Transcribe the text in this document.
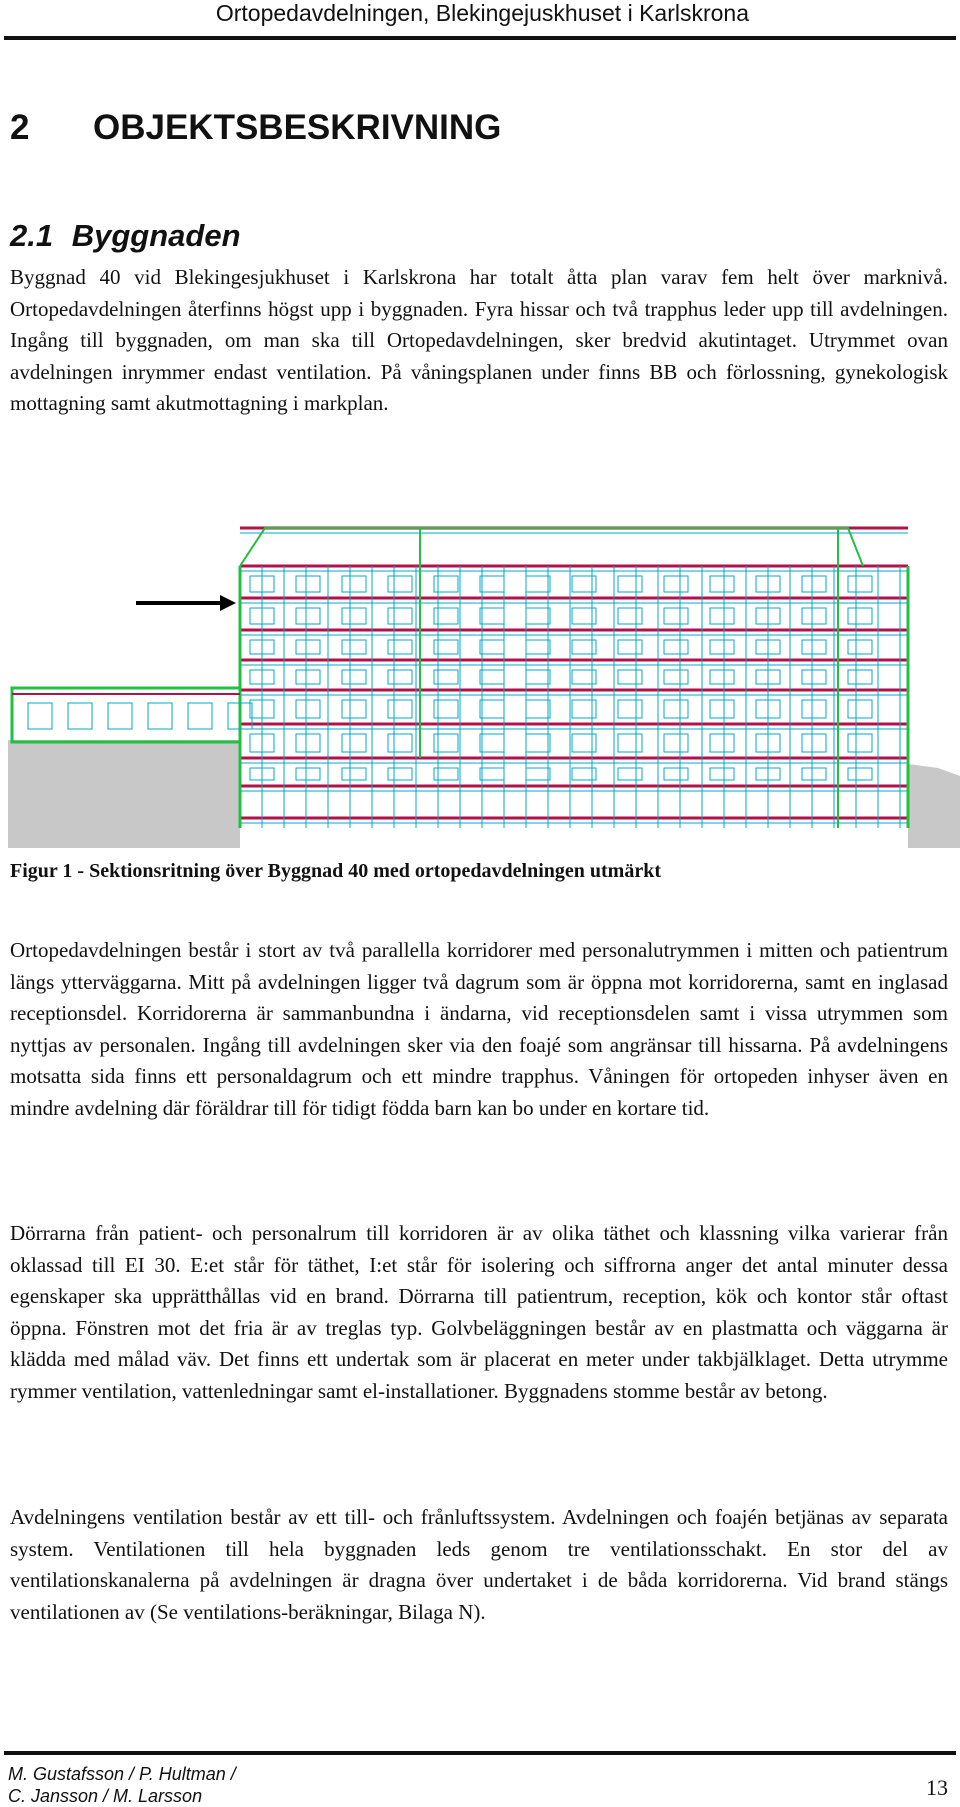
Ortopedavdelningen, Blekingejuskhuset i Karlskrona
2 OBJEKTSBESKRIVNING
2.1 Byggnaden

Byggnad 40 vid Blekingesjukhuset i Karlskrona har totalt åtta plan varav fem helt över marknivå. Ortopedavdelningen återfinns högst upp i byggnaden. Fyra hissar och två trapphus leder upp till avdelningen. Ingång till byggnaden, om man ska till Ortopedavdelningen, sker bredvid akutintaget. Utrymmet ovan avdelningen inrymmer endast ventilation. På våningsplanen under finns BB och förlossning, gynekologisk mottagning samt akutmottagning i markplan.

Figur 1 - Sektionsritning över Byggnad 40 med ortopedavdelningen utmärkt

Ortopedavdelningen består i stort av två parallella korridorer med personalutrymmen i mitten och patientrum längs ytterväggarna. Mitt på avdelningen ligger två dagrum som är öppna mot korridorerna, samt en inglasad receptionsdel. Korridorerna är sammanbundna i ändarna, vid receptionsdelen samt i vissa utrymmen som nyttjas av personalen. Ingång till avdelningen sker via den foajé som angränsar till hissarna. På avdelningens motsatta sida finns ett personaldagrum och ett mindre trapphus. Våningen för ortopeden inhyser även en mindre avdelning där föräldrar till för tidigt födda barn kan bo under en kortare tid.

Dörrarna från patient- och personalrum till korridoren är av olika täthet och klassning vilka varierar från oklassad till EI 30. E:et står för täthet, I:et står för isolering och siffrorna anger det antal minuter dessa egenskaper ska upprätthållas vid en brand. Dörrarna till patientrum, reception, kök och kontor står oftast öppna. Fönstren mot det fria är av treglas typ. Golvbeläggningen består av en plastmatta och väggarna är klädda med målad väv. Det finns ett undertak som är placerat en meter under takbjälklaget. Detta utrymme rymmer ventilation, vattenledningar samt el-installationer. Byggnadens stomme består av betong.

Avdelningens ventilation består av ett till- och frånluftssystem. Avdelningen och foajén betjänas av separata system. Ventilationen till hela byggnaden leds genom tre ventilationsschakt. En stor del av ventilationskanalerna på avdelningen är dragna över undertaket i de båda korridorerna. Vid brand stängs ventilationen av (Se ventilations-beräkningar, Bilaga N).

M. Gustafsson / P. Hultman /
C. Jansson / M. Larsson	13
